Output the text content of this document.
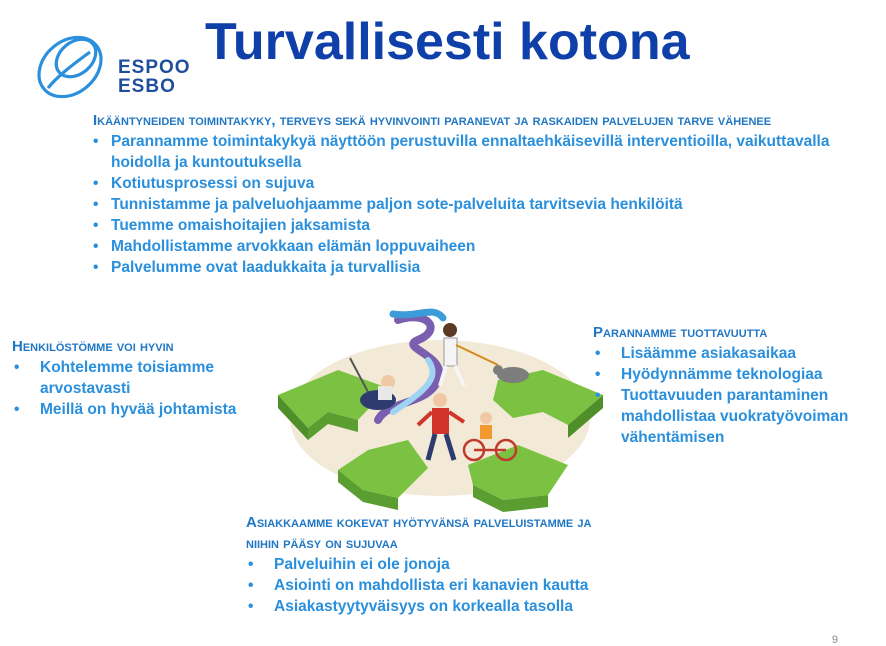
ESPOO
ESBO
Turvallisesti kotona

Ikääntyneiden toimintakyky, terveys sekä hyvinvointi paranevat ja raskaiden palvelujen tarve vähenee

• Parannamme toimintakykyä näyttöön perustuvilla ennaltaehkäisevillä interventioilla, vaikuttavalla hoidolla ja kuntoutuksella
• Kotiutusprosessi on sujuva
• Tunnistamme ja palveluohjaamme paljon sote-palveluita tarvitsevia henkilöitä
• Tuemme omaishoitajien jaksamista
• Mahdollistamme arvokkaan elämän loppuvaiheen
• Palvelumme ovat laadukkaita ja turvallisia

Henkilöstömme voi hyvin

• Kohtelemme toisiamme arvostavasti
• Meillä on hyvää johtamista

Parannamme tuottavuutta

• Lisäämme asiakasaikaa
• Hyödynnämme teknologiaa
• Tuottavuuden parantaminen mahdollistaa vuokratyövoiman vähentämisen

Asiakkaamme kokevat hyötyvänsä palveluistamme ja niihin pääsy on sujuvaa

• Palveluihin ei ole jonoja
• Asiointi on mahdollista eri kanavien kautta
• Asiakastyytyväisyys on korkealla tasolla
9
